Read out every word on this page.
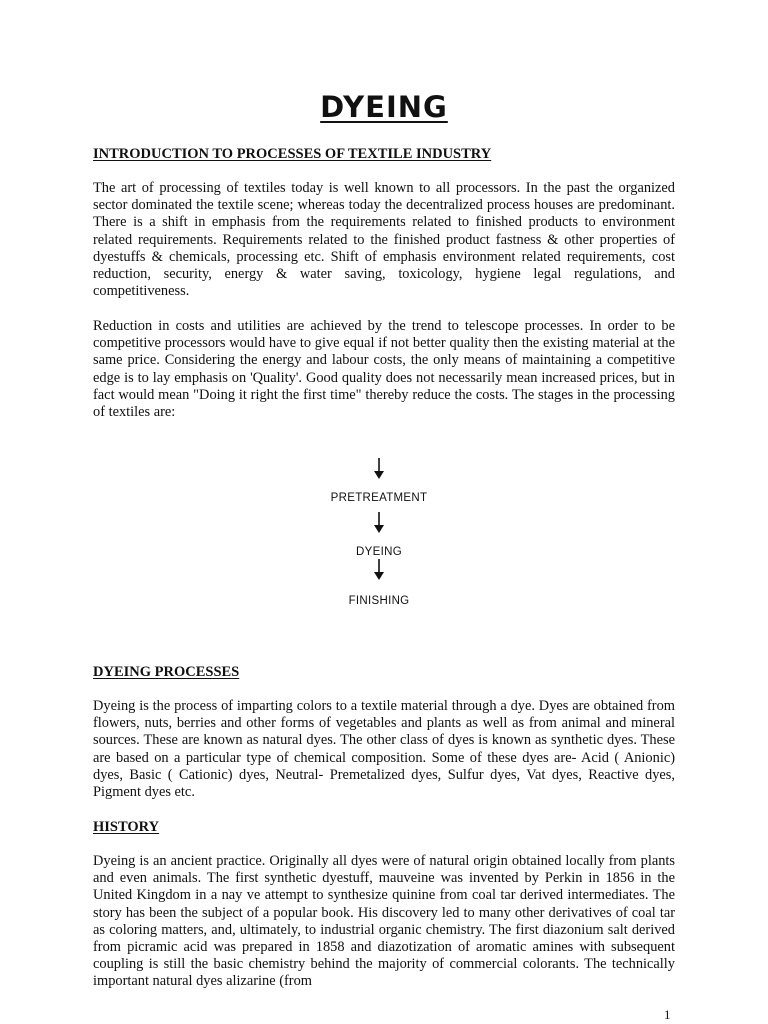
DYEING
INTRODUCTION TO PROCESSES OF TEXTILE INDUSTRY
The art of processing of textiles today is well known to all processors. In the past the organized sector dominated the textile scene; whereas today the decentralized process houses are predominant. There is a shift in emphasis from the requirements related to finished products to environment related requirements. Requirements related to the finished product fastness & other properties of dyestuffs & chemicals, processing etc. Shift of emphasis environment related requirements, cost reduction, security, energy & water saving, toxicology, hygiene legal regulations, and competitiveness.
Reduction in costs and utilities are achieved by the trend to telescope processes. In order to be competitive processors would have to give equal if not better quality then the existing material at the same price. Considering the energy and labour costs, the only means of maintaining a competitive edge is to lay emphasis on 'Quality'. Good quality does not necessarily mean increased prices, but in fact would mean "Doing it right the first time" thereby reduce the costs. The stages in the processing of textiles are:
PRETREATMENT
DYEING
FINISHING
DYEING PROCESSES
Dyeing is the process of imparting colors to a textile material through a dye. Dyes are obtained from flowers, nuts, berries and other forms of vegetables and plants as well as from animal and mineral sources. These are known as natural dyes. The other class of dyes is known as synthetic dyes. These are based on a particular type of chemical composition. Some of these dyes are- Acid ( Anionic) dyes, Basic ( Cationic) dyes, Neutral- Premetalized dyes, Sulfur dyes, Vat dyes, Reactive dyes, Pigment dyes etc.
HISTORY
Dyeing is an ancient practice. Originally all dyes were of natural origin obtained locally from plants and even animals. The first synthetic dyestuff, mauveine was invented by Perkin in 1856 in the United Kingdom in a nay ve attempt to synthesize quinine from coal tar derived intermediates. The story has been the subject of a popular book. His discovery led to many other derivatives of coal tar as coloring matters, and, ultimately, to industrial organic chemistry. The first diazonium salt derived from picramic acid was prepared in 1858 and diazotization of aromatic amines with subsequent coupling is still the basic chemistry behind the majority of commercial colorants. The technically important natural dyes alizarine (from
1
